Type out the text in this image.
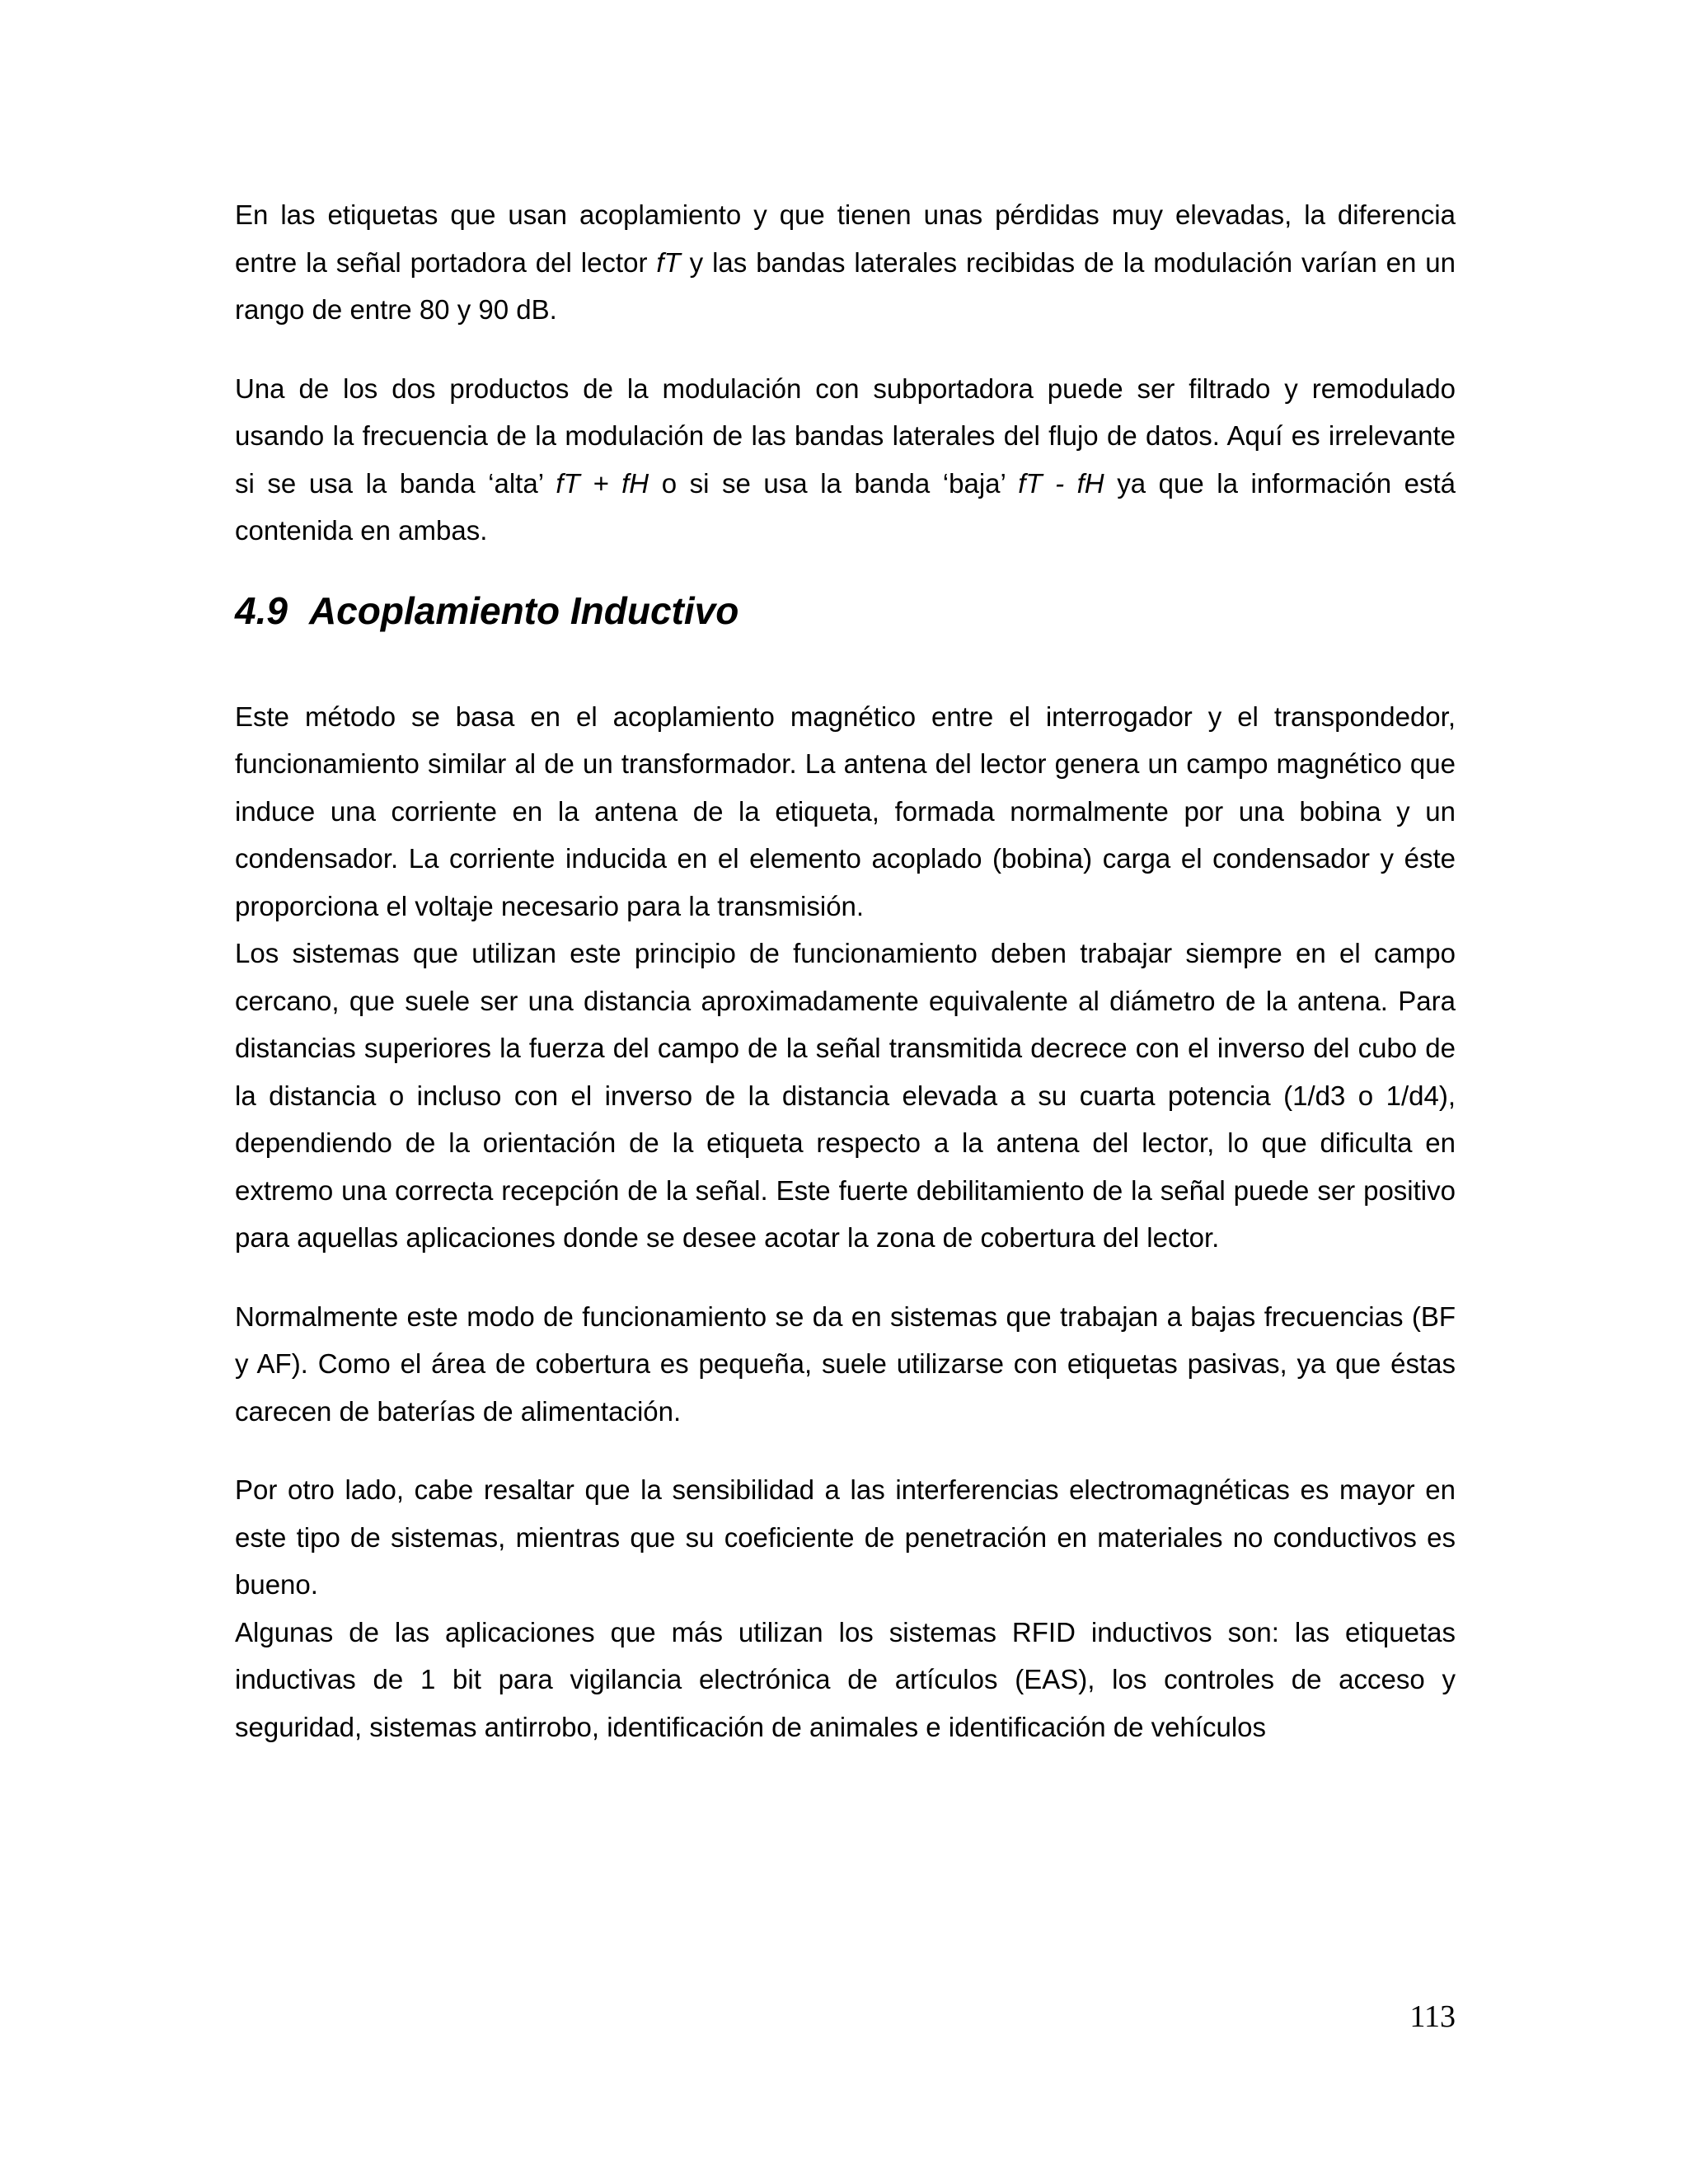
En las etiquetas que usan acoplamiento y que tienen unas pérdidas muy elevadas, la diferencia entre la señal portadora del lector fT y las bandas laterales recibidas de la modulación varían en un rango de entre 80 y 90 dB.

Una de los dos productos de la modulación con subportadora puede ser filtrado y remodulado usando la frecuencia de la modulación de las bandas laterales del flujo de datos. Aquí es irrelevante si se usa la banda ‘alta’ fT + fH o si se usa la banda ‘baja’ fT - fH ya que la información está contenida en ambas.

4.9 Acoplamiento Inductivo

Este método se basa en el acoplamiento magnético entre el interrogador y el transpondedor, funcionamiento similar al de un transformador. La antena del lector genera un campo magnético que induce una corriente en la antena de la etiqueta, formada normalmente por una bobina y un condensador. La corriente inducida en el elemento acoplado (bobina) carga el condensador y éste proporciona el voltaje necesario para la transmisión.

Los sistemas que utilizan este principio de funcionamiento deben trabajar siempre en el campo cercano, que suele ser una distancia aproximadamente equivalente al diámetro de la antena. Para distancias superiores la fuerza del campo de la señal transmitida decrece con el inverso del cubo de la distancia o incluso con el inverso de la distancia elevada a su cuarta potencia (1/d3 o 1/d4), dependiendo de la orientación de la etiqueta respecto a la antena del lector, lo que dificulta en extremo una correcta recepción de la señal. Este fuerte debilitamiento de la señal puede ser positivo para aquellas aplicaciones donde se desee acotar la zona de cobertura del lector.

Normalmente este modo de funcionamiento se da en sistemas que trabajan a bajas frecuencias (BF y AF). Como el área de cobertura es pequeña, suele utilizarse con etiquetas pasivas, ya que éstas carecen de baterías de alimentación.

Por otro lado, cabe resaltar que la sensibilidad a las interferencias electromagnéticas es mayor en este tipo de sistemas, mientras que su coeficiente de penetración en materiales no conductivos es bueno.

Algunas de las aplicaciones que más utilizan los sistemas RFID inductivos son: las etiquetas inductivas de 1 bit para vigilancia electrónica de artículos (EAS), los controles de acceso y seguridad, sistemas antirrobo, identificación de animales e identificación de vehículos

113
